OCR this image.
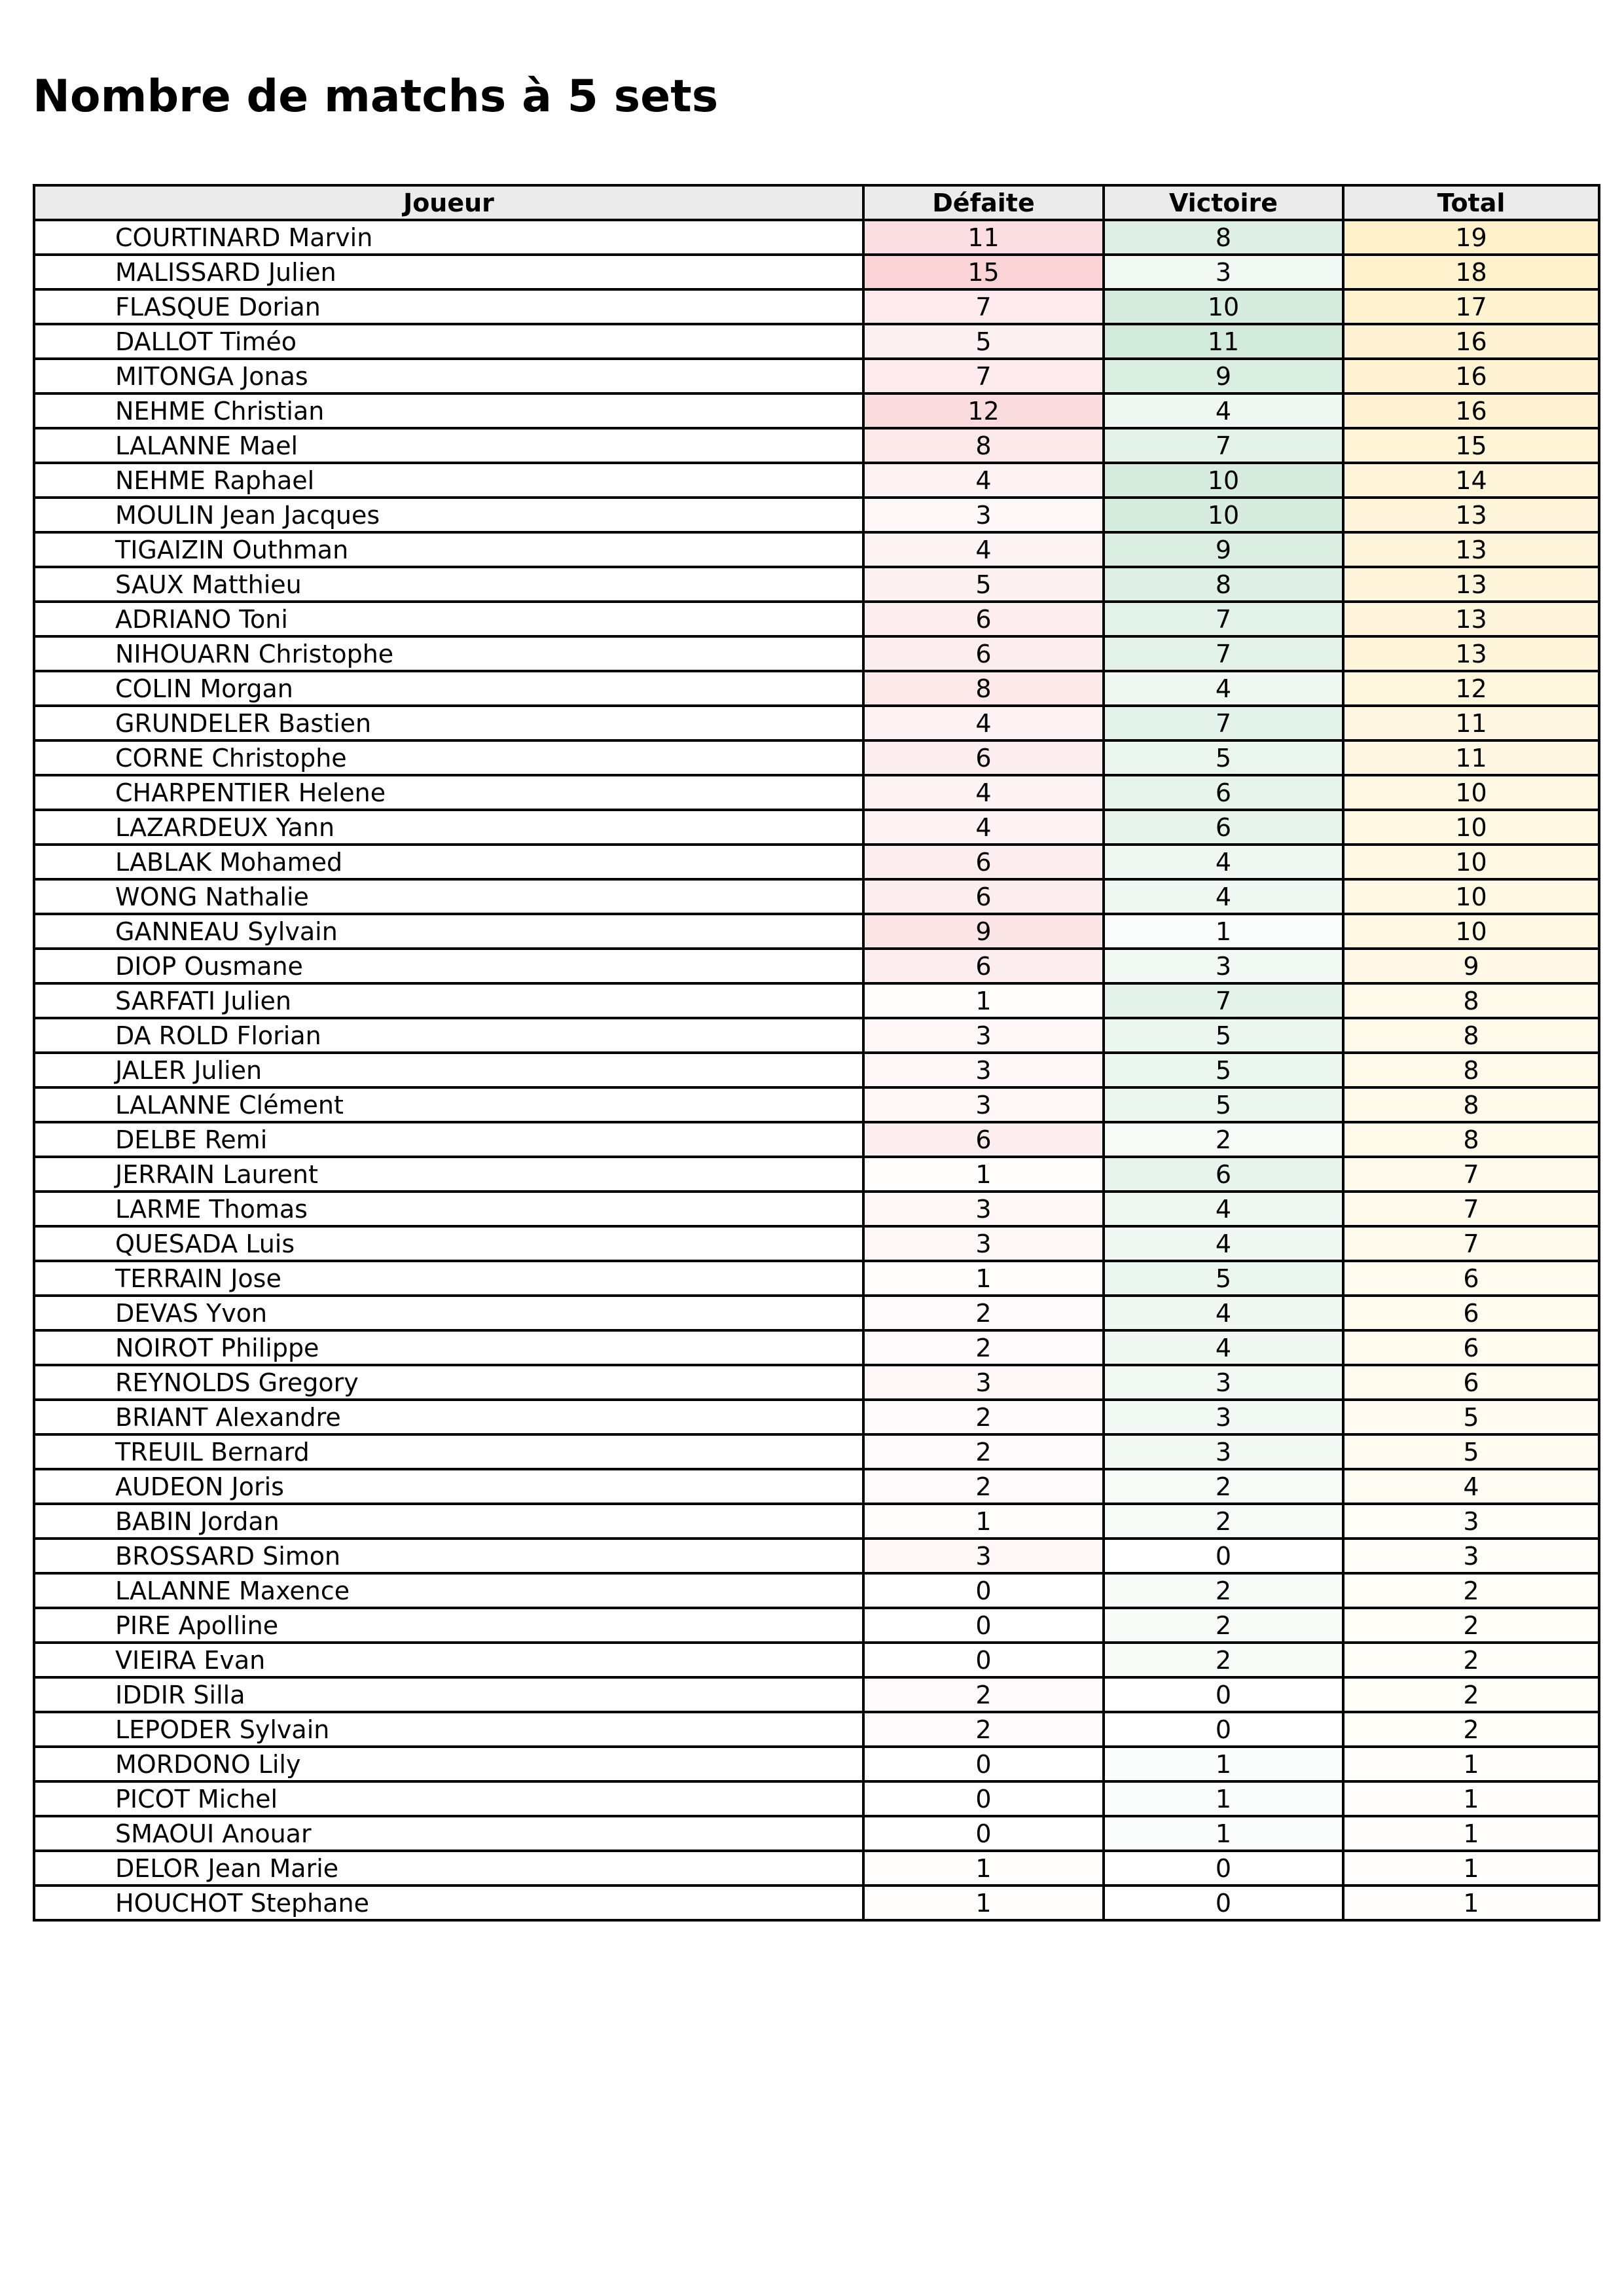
Nombre de matchs à 5 sets
Joueur	Défaite	Victoire	Total
COURTINARD Marvin	11	8	19
MALISSARD Julien	15	3	18
FLASQUE Dorian	7	10	17
DALLOT Timéo	5	11	16
MITONGA Jonas	7	9	16
NEHME Christian	12	4	16
LALANNE Mael	8	7	15
NEHME Raphael	4	10	14
MOULIN Jean Jacques	3	10	13
TIGAIZIN Outhman	4	9	13
SAUX Matthieu	5	8	13
ADRIANO Toni	6	7	13
NIHOUARN Christophe	6	7	13
COLIN Morgan	8	4	12
GRUNDELER Bastien	4	7	11
CORNE Christophe	6	5	11
CHARPENTIER Helene	4	6	10
LAZARDEUX Yann	4	6	10
LABLAK Mohamed	6	4	10
WONG Nathalie	6	4	10
GANNEAU Sylvain	9	1	10
DIOP Ousmane	6	3	9
SARFATI Julien	1	7	8
DA ROLD Florian	3	5	8
JALER Julien	3	5	8
LALANNE Clément	3	5	8
DELBE Remi	6	2	8
JERRAIN Laurent	1	6	7
LARME Thomas	3	4	7
QUESADA Luis	3	4	7
TERRAIN Jose	1	5	6
DEVAS Yvon	2	4	6
NOIROT Philippe	2	4	6
REYNOLDS Gregory	3	3	6
BRIANT Alexandre	2	3	5
TREUIL Bernard	2	3	5
AUDEON Joris	2	2	4
BABIN Jordan	1	2	3
BROSSARD Simon	3	0	3
LALANNE Maxence	0	2	2
PIRE Apolline	0	2	2
VIEIRA Evan	0	2	2
IDDIR Silla	2	0	2
LEPODER Sylvain	2	0	2
MORDONO Lily	0	1	1
PICOT Michel	0	1	1
SMAOUI Anouar	0	1	1
DELOR Jean Marie	1	0	1
HOUCHOT Stephane	1	0	1
